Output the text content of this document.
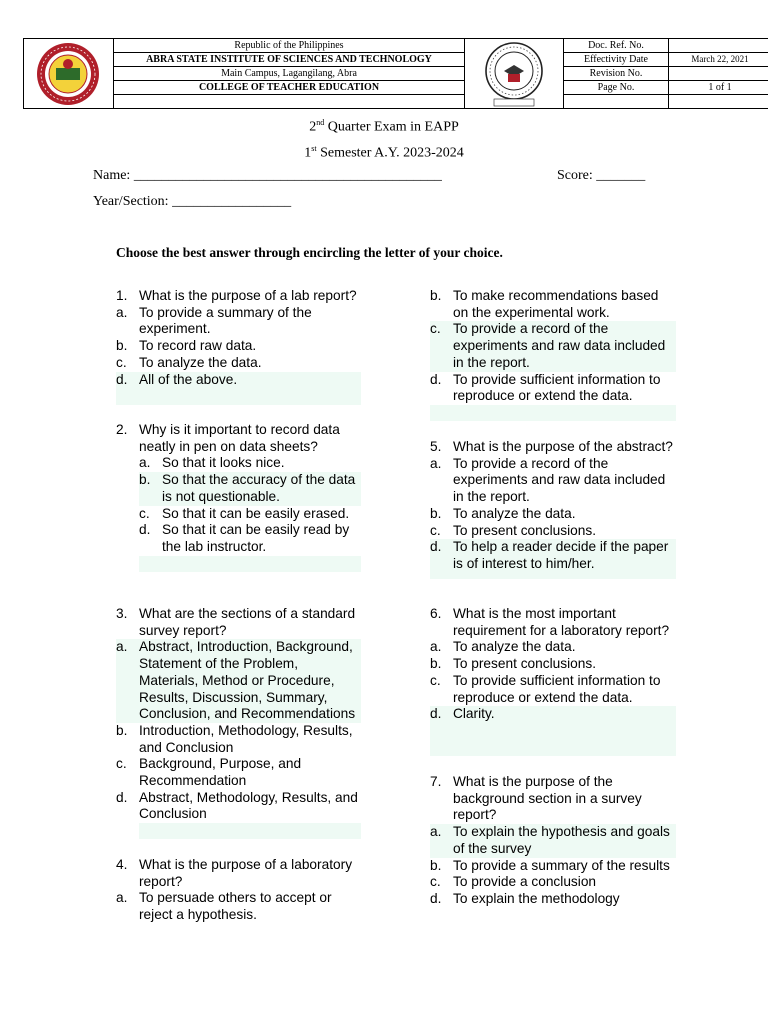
	Republic of the Philippines		Doc. Ref. No.	
	ABRA STATE INSTITUTE OF SCIENCES AND TECHNOLOGY		Effectivity Date	March 22, 2021
	Main Campus, Lagangilang, Abra		Revision No.	
	COLLEGE OF TEACHER EDUCATION		Page No.	1 of 1

2nd Quarter Exam in EAPP
1st Semester A.Y. 2023-2024
Name: ____________________________________________	Score: _______
Year/Section: _________________
Choose the best answer through encircling the letter of your choice.
1. What is the purpose of a lab report?
a. To provide a summary of the experiment.
b. To record raw data.
c. To analyze the data.
d. All of the above.
2. Why is it important to record data neatly in pen on data sheets?
a. So that it looks nice.
b. So that the accuracy of the data is not questionable.
c. So that it can be easily erased.
d. So that it can be easily read by the lab instructor.
3. What are the sections of a standard survey report?
a. Abstract, Introduction, Background, Statement of the Problem, Materials, Method or Procedure, Results, Discussion, Summary, Conclusion, and Recommendations
b. Introduction, Methodology, Results, and Conclusion
c. Background, Purpose, and Recommendation
d. Abstract, Methodology, Results, and Conclusion
4. What is the purpose of a laboratory report?
a. To persuade others to accept or reject a hypothesis.
b. To make recommendations based on the experimental work.
c. To provide a record of the experiments and raw data included in the report.
d. To provide sufficient information to reproduce or extend the data.
5. What is the purpose of the abstract?
a. To provide a record of the experiments and raw data included in the report.
b. To analyze the data.
c. To present conclusions.
d. To help a reader decide if the paper is of interest to him/her.
6. What is the most important requirement for a laboratory report?
a. To analyze the data.
b. To present conclusions.
c. To provide sufficient information to reproduce or extend the data.
d. Clarity.
7. What is the purpose of the background section in a survey report?
a. To explain the hypothesis and goals of the survey
b. To provide a summary of the results
c. To provide a conclusion
d. To explain the methodology
